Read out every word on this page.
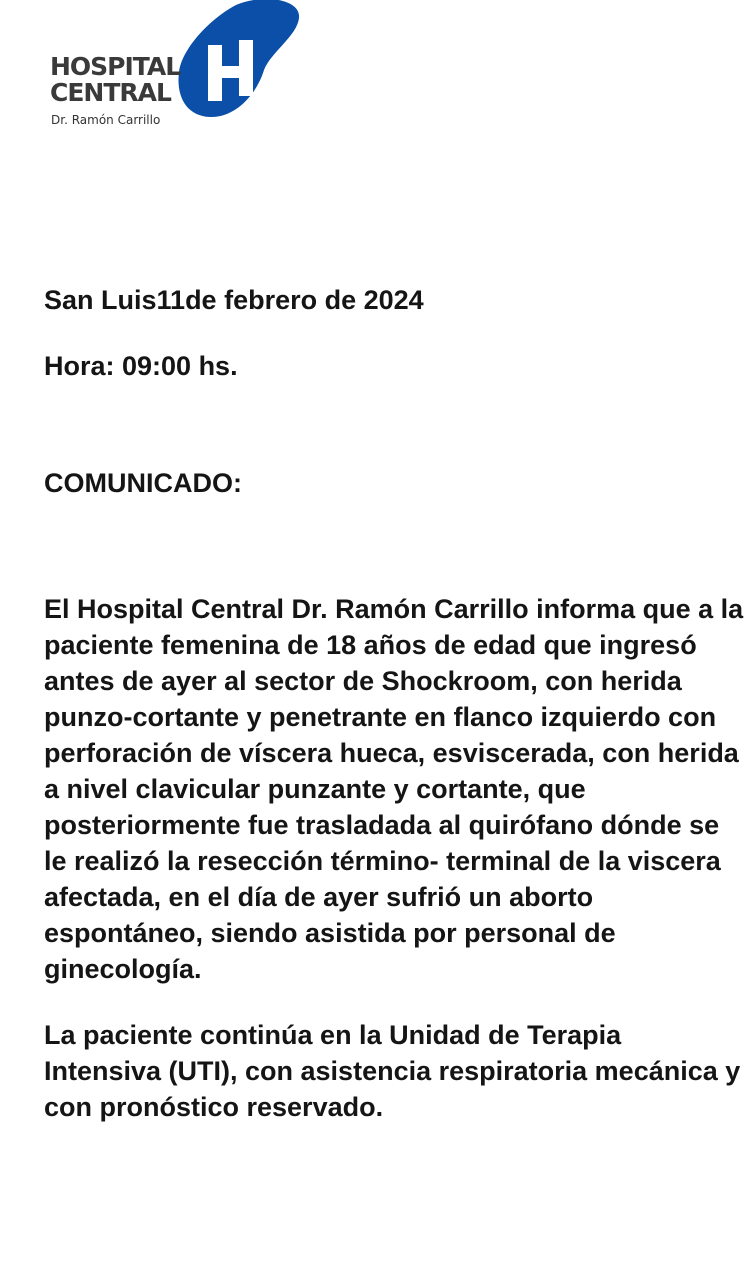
HOSPITAL
CENTRAL
Dr. Ramón Carrillo

San Luis11de febrero de 2024

Hora: 09:00 hs.

COMUNICADO:

El Hospital Central Dr. Ramón Carrillo informa que a la paciente femenina de 18 años de edad que ingresó antes de ayer al sector de Shockroom, con herida punzo-cortante y penetrante en flanco izquierdo con perforación de víscera hueca, esviscerada, con herida a nivel clavicular punzante y cortante, que posteriormente fue trasladada al quirófano dónde se le realizó la resección término- terminal de la viscera afectada, en el día de ayer sufrió un aborto espontáneo, siendo asistida por personal de ginecología.

La paciente continúa en la Unidad de Terapia Intensiva (UTI), con asistencia respiratoria mecánica y con pronóstico reservado.
